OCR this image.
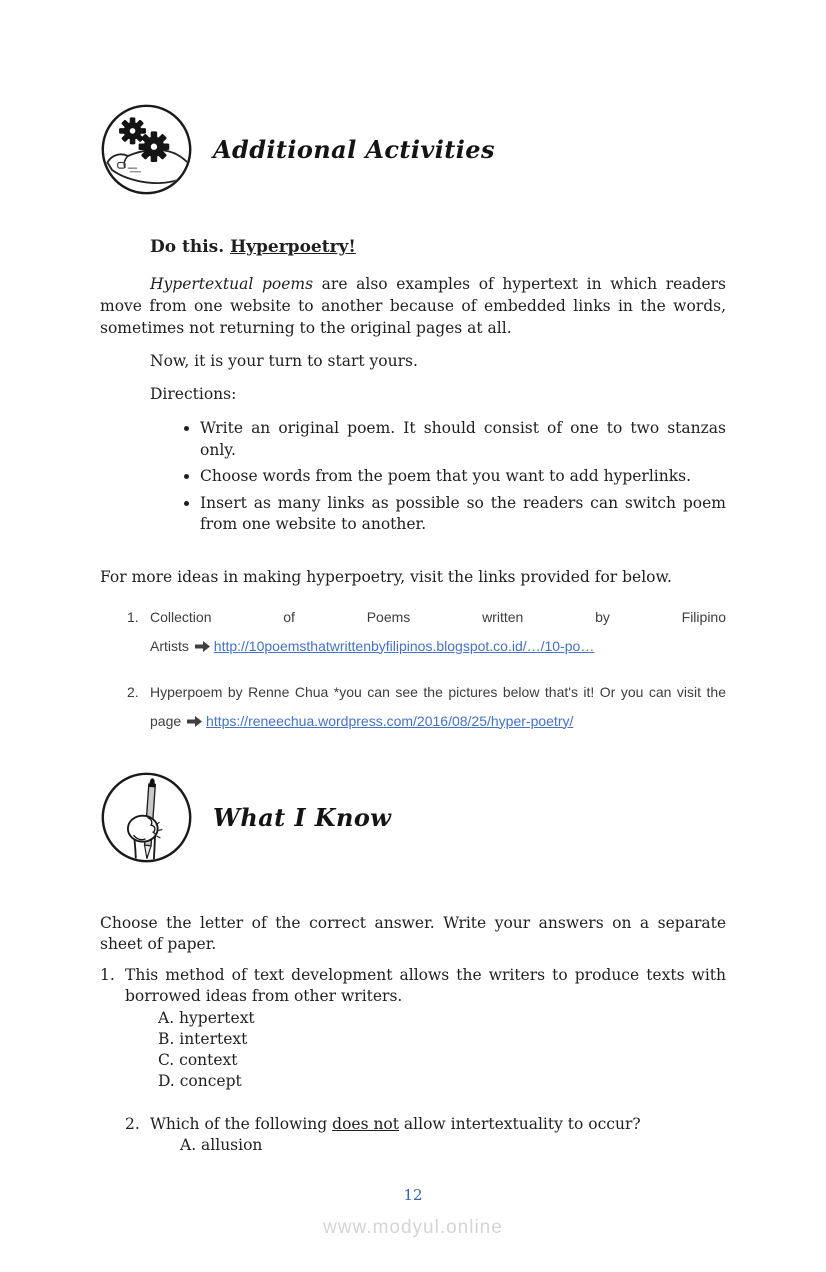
Additional Activities
Do this. Hyperpoetry!

Hypertextual poems are also examples of hypertext in which readers move from one website to another because of embedded links in the words, sometimes not returning to the original pages at all.

Now, it is your turn to start yours.
Directions:
• Write an original poem. It should consist of one to two stanzas only.
• Choose words from the poem that you want to add hyperlinks.
• Insert as many links as possible so the readers can switch poem from one website to another.
For more ideas in making hyperpoetry, visit the links provided for below.
1. Collection of Poems written by Filipino
Artists http://10poemsthatwrittenbyfilipinos.blogspot.co.id/…/10-po…
2. Hyperpoem by Renne Chua *you can see the pictures below that's it! Or you can visit the page https://reneechua.wordpress.com/2016/08/25/hyper-poetry/
What I Know
Choose the letter of the correct answer. Write your answers on a separate sheet of paper.
1. This method of text development allows the writers to produce texts with borrowed ideas from other writers.
A. hypertext
B. intertext
C. context
D. concept
2. Which of the following does not allow intertextuality to occur?
A. allusion
12
www.modyul.online
